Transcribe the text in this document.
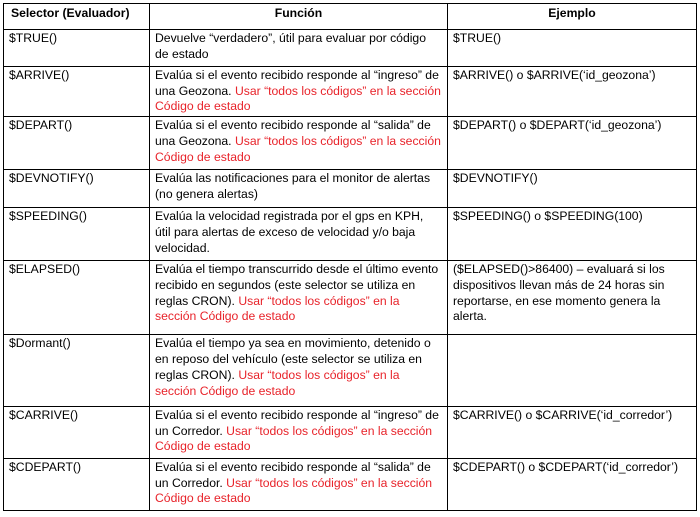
Selector (Evaluador)	Función	Ejemplo
$TRUE()	Devuelve “verdadero”, útil para evaluar por código de estado	$TRUE()
$ARRIVE()	Evalúa si el evento recibido responde al “ingreso” de una Geozona. Usar “todos los códigos” en la sección Código de estado	$ARRIVE() o $ARRIVE(‘id_geozona’)
$DEPART()	Evalúa si el evento recibido responde al “salida” de una Geozona. Usar “todos los códigos” en la sección Código de estado	$DEPART() o $DEPART(‘id_geozona’)
$DEVNOTIFY()	Evalúa las notificaciones para el monitor de alertas (no genera alertas)	$DEVNOTIFY()
$SPEEDING()	Evalúa la velocidad registrada por el gps en KPH, útil para alertas de exceso de velocidad y/o baja velocidad.	$SPEEDING() o $SPEEDING(100)
$ELAPSED()	Evalúa el tiempo transcurrido desde el último evento recibido en segundos (este selector se utiliza en reglas CRON). Usar “todos los códigos” en la sección Código de estado	($ELAPSED()>86400) – evaluará si los dispositivos llevan más de 24 horas sin reportarse, en ese momento genera la alerta.
$Dormant()	Evalúa el tiempo ya sea en movimiento, detenido o en reposo del vehículo (este selector se utiliza en reglas CRON). Usar “todos los códigos” en la sección Código de estado	
$CARRIVE()	Evalúa si el evento recibido responde al “ingreso” de un Corredor. Usar “todos los códigos” en la sección Código de estado	$CARRIVE() o $CARRIVE(‘id_corredor’)
$CDEPART()	Evalúa si el evento recibido responde al “salida” de un Corredor. Usar “todos los códigos” en la sección Código de estado	$CDEPART() o $CDEPART(‘id_corredor’)
